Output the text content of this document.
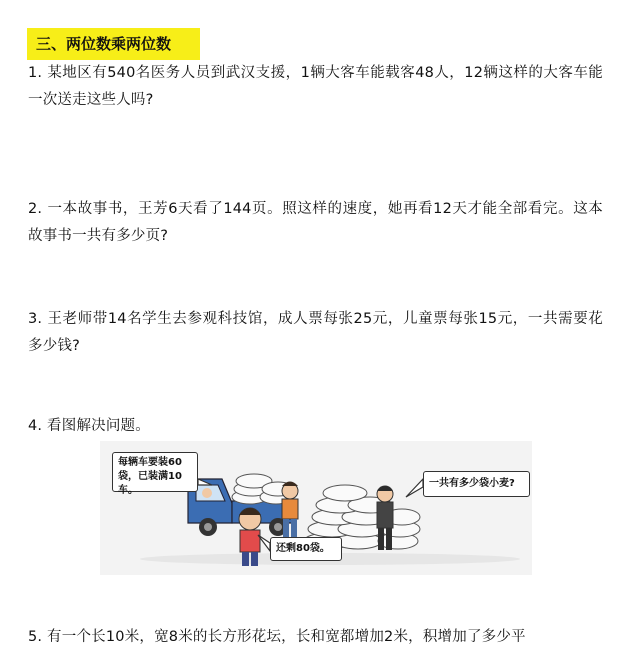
三、两位数乘两位数
1. 某地区有540名医务人员到武汉支援，1辆大客车能载客48人，12辆这样的大客车能一次送走这些人吗?
2. 一本故事书，王芳6天看了144页。照这样的速度，她再看12天才能全部看完。这本故事书一共有多少页?
3. 王老师带14名学生去参观科技馆，成人票每张25元，儿童票每张15元，一共需要花多少钱?
4. 看图解决问题。
每辆车要装60袋，已装满10车。
一共有多少袋小麦?
还剩80袋。
5. 有一个长10米，宽8米的长方形花坛，长和宽都增加2米，积增加了多少平
